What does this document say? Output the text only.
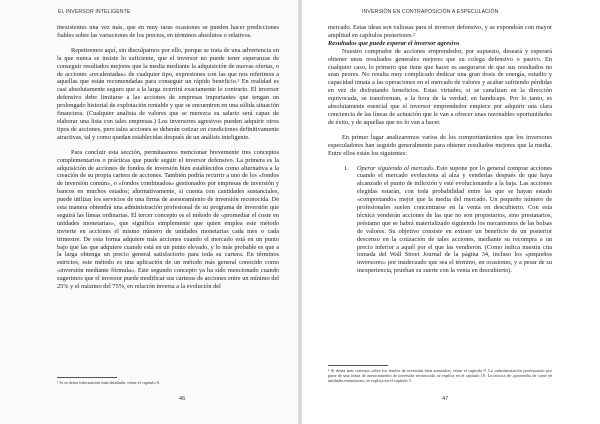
EL INVERSOR INTELIGENTE

inexistentes una vez más, que en muy raras ocasiones se pueden hacer predicciones fiables sobre las variaciones de los precios, en términos absolutos o relativos.

Repetiremos aquí, sin disculparnos por ello, porque se trata de una advertencia en la que nunca se insiste lo suficiente, que el inversor no puede tener esperanzas de conseguir resultados mejores que la media mediante la adquisición de nuevas ofertas, o de acciones «recalentadas» de cualquier tipo, expresiones con las que nos referimos a aquellas que están recomendadas para conseguir un rápido beneficio.¹ En realidad es casi absolutamente seguro que a la larga ocurrirá exactamente lo contrario. El inversor defensivo debe limitarse a las acciones de empresas importantes que tengan un prolongado historial de explotación rentable y que se encuentren en una sólida situación financiera. (Cualquier analista de valores que se merezca su salario será capaz de elaborar una lista con tales empresas.) Los inversores agresivos pueden adquirir otros tipos de acciones, pero tales acciones se deberán cotizar en condiciones definitivamente atractivas, tal y como quedan establecidas después de un análisis inteligente.

Para concluir esta sección, permítasenos mencionar brevemente tres conceptos complementarios o prácticas que puede seguir el inversor defensivo. La primera es la adquisición de acciones de fondos de inversión bien establecidos como alternativa a la creación de su propia cartera de acciones. También podría recurrir a uno de los «fondos de inversión común», o «fondos combinados» gestionados por empresas de inversión y bancos en muchos estados; alternativamente, si cuenta con cantidades sustanciales, puede utilizar los servicios de una firma de asesoramiento de inversión reconocida. De esta manera obtendrá una administración profesional de su programa de inversión que seguirá las líneas ordinarias. El tercer concepto es el método de «promediar el coste en unidades monetarias», que significa simplemente que quien emplea este método invierte en acciones el mismo número de unidades monetarias cada mes o cada trimestre. De esta forma adquiere más acciones cuando el mercado está en un punto bajo que las que adquiere cuando está en un punto elevado, y lo más probable es que a la larga obtenga un precio general satisfactorio para toda su cartera. En términos estrictos, este método es una aplicación de un método más general conocido como «inversión mediante fórmula». Este segundo concepto ya ha sido mencionado cuando sugerimos que el inversor puede modificar sus carteras de acciones entre un mínimo del 25% y el máximo del 75%, en relación inversa a la evolución del

¹ Si se desea información más detallada, véase el capítulo 6.
46
INVERSIÓN EN CONTRAPOSICIÓN A ESPECULACIÓN

mercado. Estas ideas son valiosas para el inversor defensivo, y se expondrán con mayor amplitud en capítulos posteriores.²

Resultados que puede esperar el inversor agresivo

Nuestro comprador de acciones emprendedor, por supuesto, deseará y esperará obtener unos resultados generales mejores que su colega defensivo o pasivo. En cualquier caso, lo primero que tiene que hacer es asegurarse de que sus resultados no sean peores. No resulta muy complicado dedicar una gran dosis de energía, estudio y capacidad innata a las operaciones en el mercado de valores y acabar sufriendo pérdidas en vez de disfrutando beneficios. Estas virtudes, si se canalizan en la dirección equivocada, se transforman, a la hora de la verdad, en handicaps. Por lo tanto, es absolutamente esencial que el inversor emprendedor empiece por adquirir una clara conciencia de las líneas de actuación que le van a ofrecer unas razonables oportunidades de éxito, y de aquellas que no lo van a hacer.

En primer lugar analizaremos varios de los comportamientos que los inversores especuladores han seguido generalmente para obtener resultados mejores que la media. Entre ellos están los siguientes:

1. Operar siguiendo al mercado. Esto supone por lo general comprar acciones cuando el mercado evoluciona al alza y venderlas después de que haya alcanzado el punto de inflexión y esté evolucionando a la baja. Las acciones elegidas estarán, con toda probabilidad entre las que se hayan estado «comportando» mejor que la media del mercado. Un pequeño número de profesionales suelen concentrarse en la venta en descubierto. Con esta técnica venderán acciones de las que no son propietarios, sino prestatarios, préstamo que se habrá materializado siguiendo los mecanismos de las bolsas de valores. Su objetivo consiste en extraer un beneficio de un posterior descenso en la cotización de tales acciones, mediante su recompra a un precio inferior a aquél por el que las vendieron. (Como indica nuestra cita tomada del Wall Street Journal de la página 34, incluso los «pequeños inversores» por inadecuado que sea el término, en ocasiones, y a pesar de su inexperiencia, prueban su suerte con la venta en descubierto).
² Si desea más consejos sobre los fondos de inversión bien asentados, véase el capítulo 9. La «administración profesional» por parte de una firma de asesoramiento de inversión reconocida, se explica en el capítulo 10. La técnica de «promedio de coste en unidades monetarias» se explica en el capítulo 5.
47
